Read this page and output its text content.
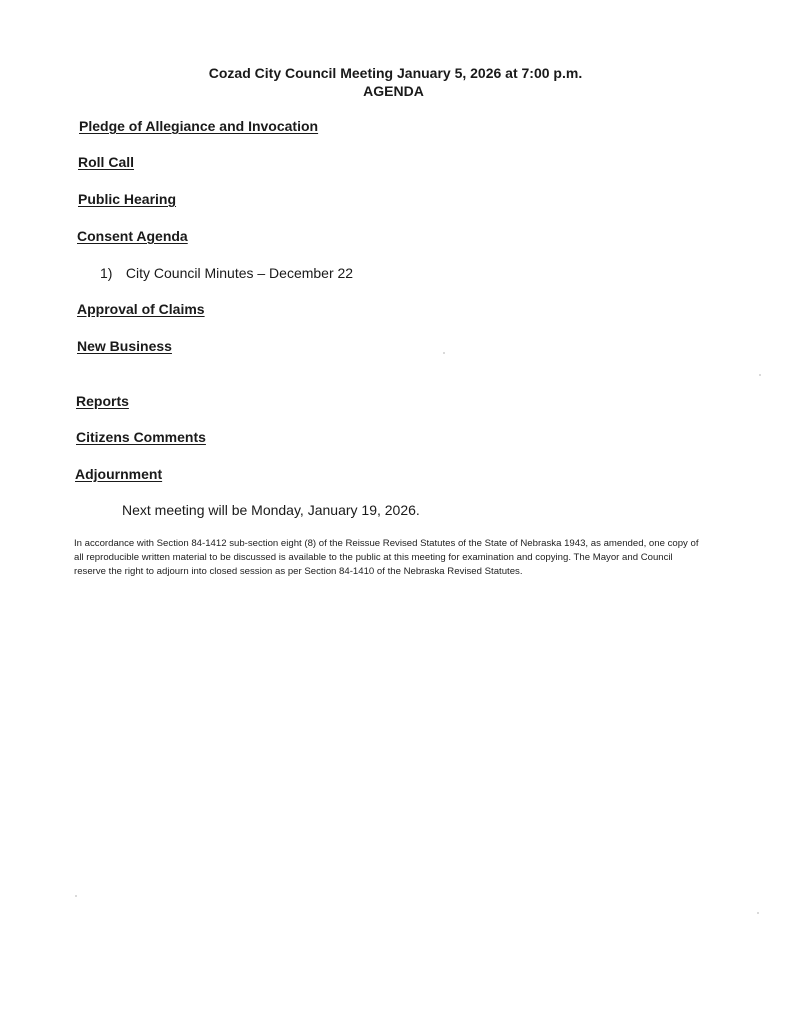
Cozad City Council Meeting January 5, 2026 at 7:00 p.m.
AGENDA
Pledge of Allegiance and Invocation
Roll Call
Public Hearing
Consent Agenda
1) City Council Minutes – December 22
Approval of Claims
New Business
Reports
Citizens Comments
Adjournment
Next meeting will be Monday, January 19, 2026.
In accordance with Section 84-1412 sub-section eight (8) of the Reissue Revised Statutes of the State of Nebraska 1943, as amended, one copy of all reproducible written material to be discussed is available to the public at this meeting for examination and copying. The Mayor and Council reserve the right to adjourn into closed session as per Section 84-1410 of the Nebraska Revised Statutes.
